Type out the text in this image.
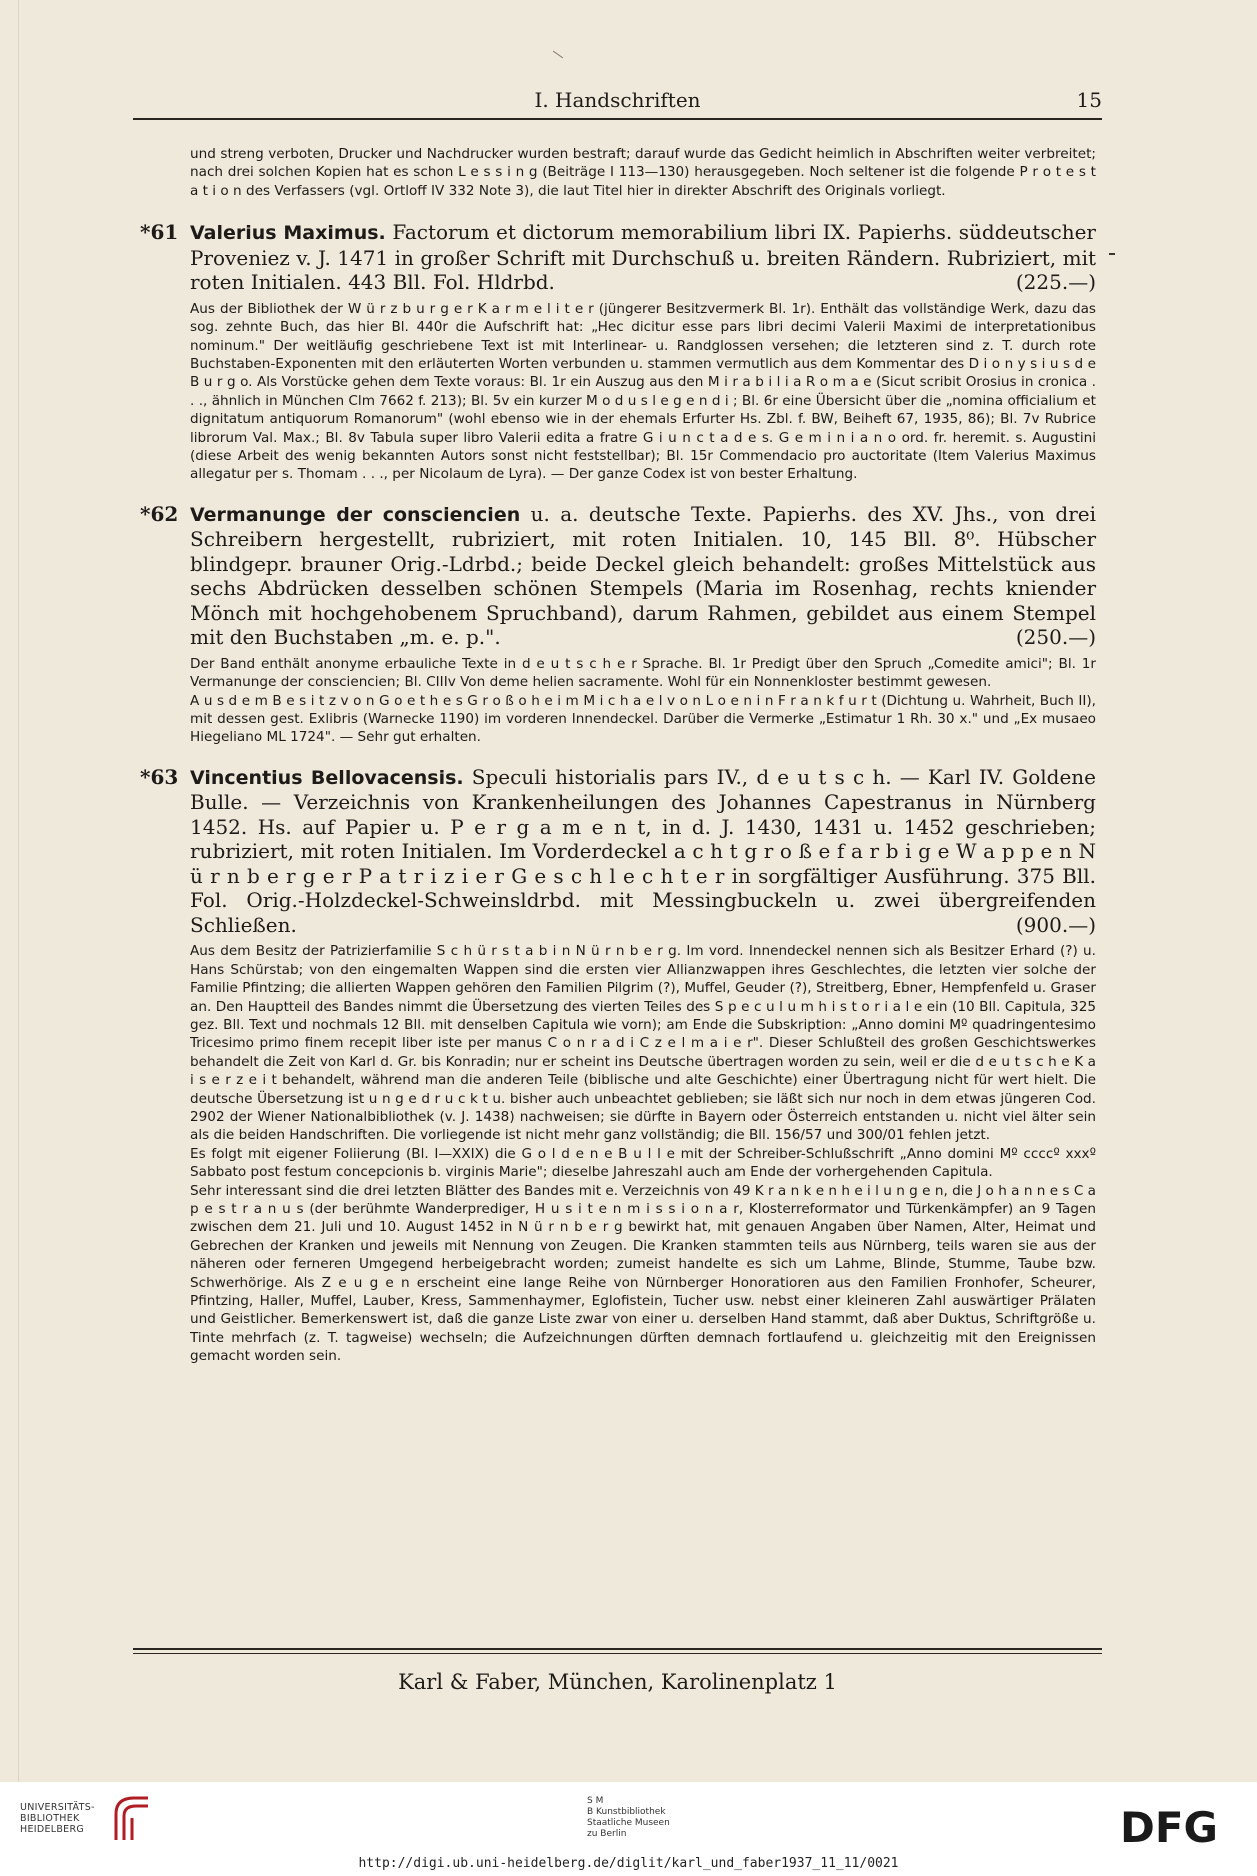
I. Handschriften	15

und streng verboten, Drucker und Nachdrucker wurden bestraft; darauf wurde das Gedicht heimlich in Abschriften weiter verbreitet; nach drei solchen Kopien hat es schon L e s s i n g (Beiträge I 113—130) herausgegeben. Noch seltener ist die folgende P r o t e s t a t i o n des Verfassers (vgl. Ortloff IV 332 Note 3), die laut Titel hier in direkter Abschrift des Originals vorliegt.

*61 Valerius Maximus. Factorum et dictorum memorabilium libri IX. Papierhs. süddeutscher Proveniez v. J. 1471 in großer Schrift mit Durchschuß u. breiten Rändern. Rubriziert, mit roten Initialen. 443 Bll. Fol. Hldrbd.	(225.—)

Aus der Bibliothek der W ü r z b u r g e r K a r m e l i t e r (jüngerer Besitzvermerk Bl. 1r). Enthält das vollständige Werk, dazu das sog. zehnte Buch, das hier Bl. 440r die Aufschrift hat: „Hec dicitur esse pars libri decimi Valerii Maximi de interpretationibus nominum." Der weitläufig geschriebene Text ist mit Interlinear- u. Randglossen versehen; die letzteren sind z. T. durch rote Buchstaben-Exponenten mit den erläuterten Worten verbunden u. stammen vermutlich aus dem Kommentar des D i o n y s i u s d e B u r g o. Als Vorstücke gehen dem Texte voraus: Bl. 1r ein Auszug aus den M i r a b i l i a R o m a e (Sicut scribit Orosius in cronica . . ., ähnlich in München Clm 7662 f. 213); Bl. 5v ein kurzer M o d u s l e g e n d i ; Bl. 6r eine Übersicht über die „nomina officialium et dignitatum antiquorum Romanorum" (wohl ebenso wie in der ehemals Erfurter Hs. Zbl. f. BW, Beiheft 67, 1935, 86); Bl. 7v Rubrice librorum Val. Max.; Bl. 8v Tabula super libro Valerii edita a fratre G i u n c t a d e s. G e m i n i a n o ord. fr. heremit. s. Augustini (diese Arbeit des wenig bekannten Autors sonst nicht feststellbar); Bl. 15r Commendacio pro auctoritate (Item Valerius Maximus allegatur per s. Thomam . . ., per Nicolaum de Lyra). — Der ganze Codex ist von bester Erhaltung.

*62 Vermanunge der consciencien u. a. deutsche Texte. Papierhs. des XV. Jhs., von drei Schreibern hergestellt, rubriziert, mit roten Initialen. 10, 145 Bll. 8⁰. Hübscher blindgepr. brauner Orig.-Ldrbd.; beide Deckel gleich behandelt: großes Mittelstück aus sechs Abdrücken desselben schönen Stempels (Maria im Rosenhag, rechts kniender Mönch mit hochgehobenem Spruchband), darum Rahmen, gebildet aus einem Stempel mit den Buchstaben „m. e. p.".	(250.—)

Der Band enthält anonyme erbauliche Texte in d e u t s c h e r Sprache. Bl. 1r Predigt über den Spruch „Comedite amici"; Bl. 1r Vermanunge der consciencien; Bl. CIIIv Von deme helien sacramente. Wohl für ein Nonnenkloster bestimmt gewesen.

A u s d e m B e s i t z v o n G o e t h e s G r o ß o h e i m M i c h a e l v o n L o e n i n F r a n k f u r t (Dichtung u. Wahrheit, Buch II), mit dessen gest. Exlibris (Warnecke 1190) im vorderen Innendeckel. Darüber die Vermerke „Estimatur 1 Rh. 30 x." und „Ex musaeo Hiegeliano ML 1724". — Sehr gut erhalten.

*63 Vincentius Bellovacensis. Speculi historialis pars IV., d e u t s c h. — Karl IV. Goldene Bulle. — Verzeichnis von Krankenheilungen des Johannes Capestranus in Nürnberg 1452. Hs. auf Papier u. P e r g a m e n t, in d. J. 1430, 1431 u. 1452 geschrieben; rubriziert, mit roten Initialen. Im Vorderdeckel a c h t g r o ß e f a r b i g e W a p p e n N ü r n b e r g e r P a t r i z i e r G e s c h l e c h t e r in sorgfältiger Ausführung. 375 Bll. Fol. Orig.-Holzdeckel-Schweinsldrbd. mit Messingbuckeln u. zwei übergreifenden Schließen.	(900.—)

Aus dem Besitz der Patrizierfamilie S c h ü r s t a b i n N ü r n b e r g. Im vord. Innendeckel nennen sich als Besitzer Erhard (?) u. Hans Schürstab; von den eingemalten Wappen sind die ersten vier Allianzwappen ihres Geschlechtes, die letzten vier solche der Familie Pfintzing; die allierten Wappen gehören den Familien Pilgrim (?), Muffel, Geuder (?), Streitberg, Ebner, Hempfenfeld u. Graser an. Den Hauptteil des Bandes nimmt die Übersetzung des vierten Teiles des S p e c u l u m h i s t o r i a l e ein (10 Bll. Capitula, 325 gez. Bll. Text und nochmals 12 Bll. mit denselben Capitula wie vorn); am Ende die Subskription: „Anno domini Mº quadringentesimo Tricesimo primo finem recepit liber iste per manus C o n r a d i C z e l m a i e r". Dieser Schlußteil des großen Geschichtswerkes behandelt die Zeit von Karl d. Gr. bis Konradin; nur er scheint ins Deutsche übertragen worden zu sein, weil er die d e u t s c h e K a i s e r z e i t behandelt, während man die anderen Teile (biblische und alte Geschichte) einer Übertragung nicht für wert hielt. Die deutsche Übersetzung ist u n g e d r u c k t u. bisher auch unbeachtet geblieben; sie läßt sich nur noch in dem etwas jüngeren Cod. 2902 der Wiener Nationalbibliothek (v. J. 1438) nachweisen; sie dürfte in Bayern oder Österreich entstanden u. nicht viel älter sein als die beiden Handschriften. Die vorliegende ist nicht mehr ganz vollständig; die Bll. 156/57 und 300/01 fehlen jetzt.

Es folgt mit eigener Foliierung (Bl. I—XXIX) die G o l d e n e B u l l e mit der Schreiber-Schlußschrift „Anno domini Mº ccccº xxxº Sabbato post festum concepcionis b. virginis Marie"; dieselbe Jahreszahl auch am Ende der vorhergehenden Capitula.

Sehr interessant sind die drei letzten Blätter des Bandes mit e. Verzeichnis von 49 K r a n k e n h e i l u n g e n, die J o h a n n e s C a p e s t r a n u s (der berühmte Wanderprediger, H u s i t e n m i s s i o n a r, Klosterreformator und Türkenkämpfer) an 9 Tagen zwischen dem 21. Juli und 10. August 1452 in N ü r n b e r g bewirkt hat, mit genauen Angaben über Namen, Alter, Heimat und Gebrechen der Kranken und jeweils mit Nennung von Zeugen. Die Kranken stammten teils aus Nürnberg, teils waren sie aus der näheren oder ferneren Umgegend herbeigebracht worden; zumeist handelte es sich um Lahme, Blinde, Stumme, Taube bzw. Schwerhörige. Als Z e u g e n erscheint eine lange Reihe von Nürnberger Honoratioren aus den Familien Fronhofer, Scheurer, Pfintzing, Haller, Muffel, Lauber, Kress, Sammenhaymer, Eglofistein, Tucher usw. nebst einer kleineren Zahl auswärtiger Prälaten und Geistlicher. Bemerkenswert ist, daß die ganze Liste zwar von einer u. derselben Hand stammt, daß aber Duktus, Schriftgröße u. Tinte mehrfach (z. T. tagweise) wechseln; die Aufzeichnungen dürften demnach fortlaufend u. gleichzeitig mit den Ereignissen gemacht worden sein.

Karl & Faber, München, Karolinenplatz 1
UNIVERSITÄTS-
BIBLIOTHEK
HEIDELBERG
S M
B Kunstbibliothek
Staatliche Museen
zu Berlin
http://digi.ub.uni-heidelberg.de/diglit/karl_und_faber1937_11_11/0021
DFG
